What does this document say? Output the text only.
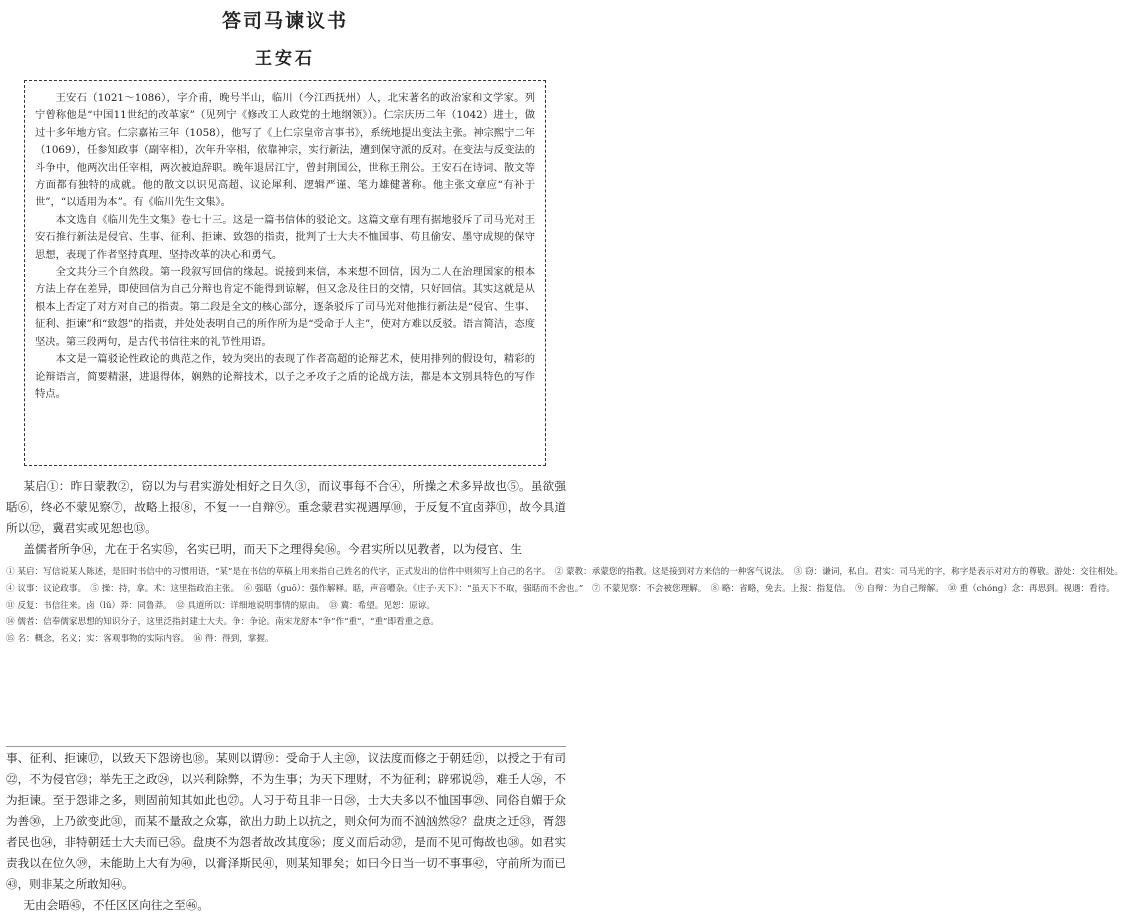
答司马谏议书
王安石

王安石（1021～1086），字介甫，晚号半山，临川（今江西抚州）人，北宋著名的政治家和文学家。列宁曾称他是“中国11世纪的改革家”（见列宁《修改工人政党的土地纲领》）。仁宗庆历二年（1042）进士，做过十多年地方官。仁宗嘉祐三年（1058），他写了《上仁宗皇帝言事书》，系统地提出变法主张。神宗熙宁二年（1069），任参知政事（副宰相），次年升宰相，依靠神宗，实行新法，遭到保守派的反对。在变法与反变法的斗争中，他两次出任宰相，两次被迫辞职。晚年退居江宁，曾封荆国公，世称王荆公。王安石在诗词、散文等方面都有独特的成就。他的散文以识见高超、议论犀利、逻辑严谨、笔力雄健著称。他主张文章应“有补于世”，“以适用为本”。有《临川先生文集》。

本文选自《临川先生文集》卷七十三。这是一篇书信体的驳论文。这篇文章有理有据地驳斥了司马光对王安石推行新法是侵官、生事、征利、拒谏、致怨的指责，批判了士大夫不恤国事、苟且偷安、墨守成规的保守思想，表现了作者坚持真理、坚持改革的决心和勇气。

全文共分三个自然段。第一段叙写回信的缘起。说接到来信，本来想不回信，因为二人在治理国家的根本方法上存在差异，即使回信为自己分辩也肯定不能得到谅解，但又念及往日的交情，只好回信。其实这就是从根本上否定了对方对自己的指责。第二段是全文的核心部分，逐条驳斥了司马光对他推行新法是“侵官、生事、征利、拒谏”和“致怨”的指责，并处处表明自己的所作所为是“受命于人主”，使对方难以反驳。语言简洁，态度坚决。第三段两句，是古代书信往来的礼节性用语。

本文是一篇驳论性政论的典范之作，较为突出的表现了作者高超的论辩艺术，使用排列的假设句，精彩的论辩语言，简要精湛，进退得体，娴熟的论辩技术，以子之矛攻子之盾的论战方法，都是本文别具特色的写作特点。

某启①：昨日蒙教②，窃以为与君实游处相好之日久③，而议事每不合④，所操之术多异故也⑤。虽欲强聒⑥，终必不蒙见察⑦，故略上报⑧，不复一一自辩⑨。重念蒙君实视遇厚⑩，于反复不宜卤莽⑪，故今具道所以⑫，冀君实或见恕也⑬。

盖儒者所争⑭，尤在于名实⑮，名实已明，而天下之理得矣⑯。今君实所以见教者，以为侵官、生

① 某启：写信说某人陈述，是旧时书信中的习惯用语，“某”是在书信的草稿上用来指自己姓名的代字，正式发出的信件中则须写上自己的名字。　② 蒙教：承蒙您的指教。这是接到对方来信的一种客气说法。　③ 窃：谦词，私自。君实：司马光的字，称字是表示对对方的尊敬。游处：交往相处。

④ 议事：议论政事。　⑤ 操：持，拿。术：这里指政治主张。　⑥ 强聒（guō）：强作解释。聒，声音嘈杂。《庄子·天下》：“虽天下不取，强聒而不舍也。”　⑦ 不蒙见察：不会被您理解。　⑧ 略：省略，免去。上报：指复信。　⑨ 自辩：为自己辩解。　⑩ 重（chóng）念：再思到。视遇：看待。

⑪ 反复：书信往来。卤（lǔ）莽：同鲁莽。　⑫ 具道所以：详细地说明事情的原由。　⑬ 冀：希望。见恕：原谅。

⑭ 儒者：信奉儒家思想的知识分子，这里泛指封建士大夫。争：争论。南宋龙舒本“争”作“重”，“重”即看重之意。

⑮ 名：概念，名义；实：客观事物的实际内容。　⑯ 得：得到，掌握。

事、征利、拒谏⑰，以致天下怨谤也⑱。某则以谓⑲：受命于人主⑳，议法度而修之于朝廷㉑，以授之于有司㉒，不为侵官㉓；举先王之政㉔，以兴利除弊，不为生事；为天下理财，不为征利；辟邪说㉕，难壬人㉖，不为拒谏。至于怨诽之多，则固前知其如此也㉗。人习于苟且非一日㉘，士大夫多以不恤国事㉙、同俗自媚于众为善㉚，上乃欲变此㉛，而某不量敌之众寡，欲出力助上以抗之，则众何为而不汹汹然㉜？盘庚之迁㉝，胥怨者民也㉞，非特朝廷士大夫而已㉟。盘庚不为怨者故改其度㊱；度义而后动㊲，是而不见可悔故也㊳。如君实责我以在位久㊴，未能助上大有为㊵，以膏泽斯民㊶，则某知罪矣；如曰今日当一切不事事㊷，守前所为而已㊸，则非某之所敢知㊹。

无由会晤㊺，不任区区向往之至㊻。
